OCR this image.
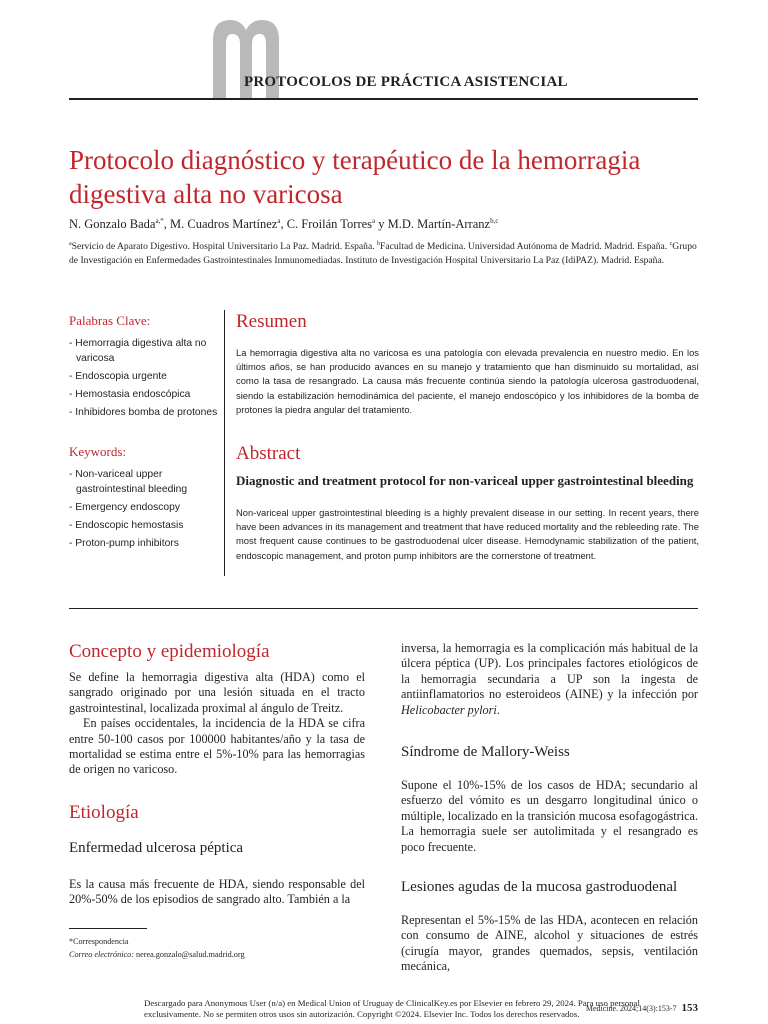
PROTOCOLOS DE PRÁCTICA ASISTENCIAL
Protocolo diagnóstico y terapéutico de la hemorragia digestiva alta no varicosa
N. Gonzalo Bada$^{a,*}$, M. Cuadros Martínez$^a$, C. Froilán Torres$^a$ y M.D. Martín-Arranz$^{b,c}$
$^a$Servicio de Aparato Digestivo. Hospital Universitario La Paz. Madrid. España. $^b$Facultad de Medicina. Universidad Autónoma de Madrid. Madrid. España. $^c$Grupo de Investigación en Enfermedades Gastrointestinales Inmunomediadas. Instituto de Investigación Hospital Universitario La Paz (IdiPAZ). Madrid. España.
Palabras Clave:
- Hemorragia digestiva alta no varicosa
- Endoscopia urgente
- Hemostasia endoscópica
- Inhibidores bomba de protones
Keywords:
- Non-variceal upper gastrointestinal bleeding
- Emergency endoscopy
- Endoscopic hemostasis
- Proton-pump inhibitors
Resumen
La hemorragia digestiva alta no varicosa es una patología con elevada prevalencia en nuestro medio. En los últimos años, se han producido avances en su manejo y tratamiento que han disminuido su mortalidad, así como la tasa de resangrado. La causa más frecuente continúa siendo la patología ulcerosa gastroduodenal, siendo la estabilización hemodinámica del paciente, el manejo endoscópico y los inhibidores de la bomba de protones la piedra angular del tratamiento.
Abstract
Diagnostic and treatment protocol for non-variceal upper gastrointestinal bleeding
Non-variceal upper gastrointestinal bleeding is a highly prevalent disease in our setting. In recent years, there have been advances in its management and treatment that have reduced mortality and the rebleeding rate. The most frequent cause continues to be gastroduodenal ulcer disease. Hemodynamic stabilization of the patient, endoscopic management, and proton pump inhibitors are the cornerstone of treatment.
Concepto y epidemiología

Se define la hemorragia digestiva alta (HDA) como el sangrado originado por una lesión situada en el tracto gastrointestinal, localizada proximal al ángulo de Treitz.

En países occidentales, la incidencia de la HDA se cifra entre 50-100 casos por 100000 habitantes/año y la tasa de mortalidad se estima entre el 5%-10% para las hemorragias de origen no varicoso.

Etiología
Enfermedad ulcerosa péptica
Es la causa más frecuente de HDA, siendo responsable del 20%-50% de los episodios de sangrado alto. También a la
*Correspondencia
Correo electrónico: nerea.gonzalo@salud.madrid.org
inversa, la hemorragia es la complicación más habitual de la úlcera péptica (UP). Los principales factores etiológicos de la hemorragia secundaria a UP son la ingesta de antiinflamatorios no esteroideos (AINE) y la infección por Helicobacter pylori.
Síndrome de Mallory-Weiss
Supone el 10%-15% de los casos de HDA; secundario al esfuerzo del vómito es un desgarro longitudinal único o múltiple, localizado en la transición mucosa esofagogástrica. La hemorragia suele ser autolimitada y el resangrado es poco frecuente.
Lesiones agudas de la mucosa gastroduodenal
Representan el 5%-15% de las HDA, acontecen en relación con consumo de AINE, alcohol y situaciones de estrés (cirugía mayor, grandes quemados, sepsis, ventilación mecánica,
Medicine. 2024;14(3):153-7 153
Descargado para Anonymous User (n/a) en Medical Union of Uruguay de ClinicalKey.es por Elsevier en febrero 29, 2024. Para uso personal exclusivamente. No se permiten otros usos sin autorización. Copyright ©2024. Elsevier Inc. Todos los derechos reservados.
